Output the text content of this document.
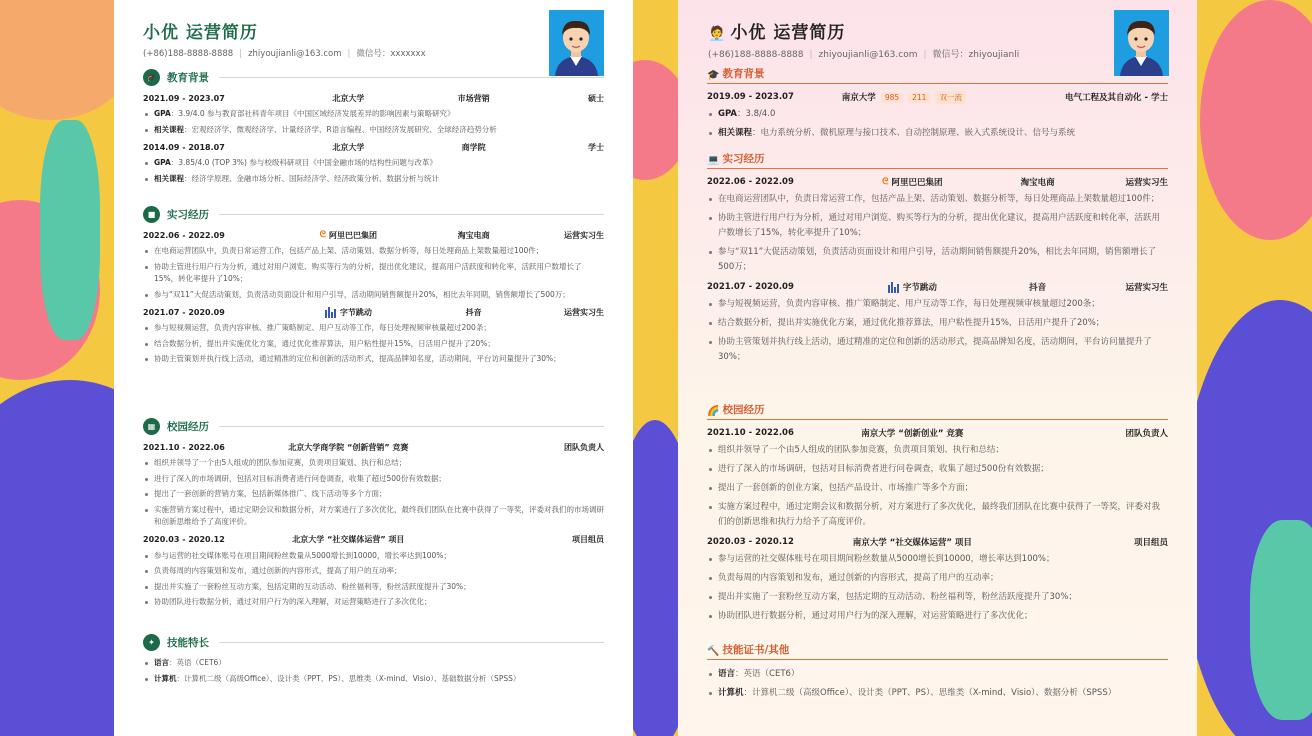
小优 运营简历
(+86)188-8888-8888 | zhiyoujianli@163.com | 微信号：xxxxxxx
🎓	教育背景
2021.09 - 2023.07	北京大学	市场营销	硕士
GPA：3.9/4.0 参与教育部社科青年项目《中国区域经济发展差异的影响因素与策略研究》
相关课程：宏观经济学、微观经济学、计量经济学、R语言编程、中国经济发展研究、全球经济趋势分析
2014.09 - 2018.07	北京大学	商学院	学士
GPA：3.85/4.0 (TOP 3%) 参与校级科研项目《中国金融市场的结构性问题与改革》
相关课程：经济学原理、金融市场分析、国际经济学、经济政策分析、数据分析与统计
■	实习经历
2022.06 - 2022.09	ᘓ 阿里巴巴集团	淘宝电商	运营实习生
在电商运营团队中，负责日常运营工作，包括产品上架、活动策划、数据分析等，每日处理商品上架数量超过100件；
协助主管进行用户行为分析，通过对用户浏览、购买等行为的分析，提出优化建议，提高用户活跃度和转化率，活跃用户数增长了15%，转化率提升了10%；
参与“双11”大促活动策划，负责活动页面设计和用户引导，活动期间销售额提升20%，相比去年同期，销售额增长了500万；
2021.07 - 2020.09	字节跳动	抖音	运营实习生
参与短视频运营，负责内容审核、推广策略制定、用户互动等工作，每日处理视频审核量超过200条；
结合数据分析，提出并实施优化方案，通过优化推荐算法，用户粘性提升15%，日活用户提升了20%；
协助主管策划并执行线上活动，通过精准的定位和创新的活动形式，提高品牌知名度，活动期间，平台访问量提升了30%；
▦	校园经历
2021.10 - 2022.06	北京大学商学院 “创新营销” 竞赛	团队负责人
组织并领导了一个由5人组成的团队参加竞赛，负责项目策划、执行和总结；
进行了深入的市场调研，包括对目标消费者进行问卷调查，收集了超过500份有效数据；
提出了一套创新的营销方案，包括新媒体推广、线下活动等多个方面；
实施营销方案过程中，通过定期会议和数据分析，对方案进行了多次优化，最终我们团队在比赛中获得了一等奖，评委对我们的市场调研和创新思维给予了高度评价。
2020.03 - 2020.12	北京大学 “社交媒体运营” 项目	项目组员
参与运营的社交媒体账号在项目期间粉丝数量从5000增长到10000，增长率达到100%；
负责每周的内容策划和发布，通过创新的内容形式，提高了用户的互动率；
提出并实施了一套粉丝互动方案，包括定期的互动活动、粉丝福利等，粉丝活跃度提升了30%；
协助团队进行数据分析，通过对用户行为的深入理解，对运营策略进行了多次优化；
✦	技能特长
语言：英语（CET6）
计算机：计算机二级（高级Office）、设计类（PPT、PS）、思维类（X-mind、Visio）、基础数据分析（SPSS）
🧑‍💼 小优 运营简历
(+86)188-8888-8888 | zhiyoujianli@163.com | 微信号：zhiyoujianli
🎓 教育背景
2019.09 - 2023.07	南京大学	985	211	双一流	电气工程及其自动化 - 学士
GPA：3.8/4.0
相关课程：电力系统分析、微机原理与接口技术、自动控制原理、嵌入式系统设计、信号与系统
💻 实习经历
2022.06 - 2022.09	ᘓ 阿里巴巴集团	淘宝电商	运营实习生
在电商运营团队中，负责日常运营工作，包括产品上架、活动策划、数据分析等，每日处理商品上架数量超过100件；
协助主管进行用户行为分析，通过对用户浏览、购买等行为的分析，提出优化建议，提高用户活跃度和转化率，活跃用户数增长了15%，转化率提升了10%；
参与“双11”大促活动策划，负责活动页面设计和用户引导，活动期间销售额提升20%，相比去年同期，销售额增长了500万；
2021.07 - 2020.09	字节跳动	抖音	运营实习生
参与短视频运营，负责内容审核、推广策略制定、用户互动等工作，每日处理视频审核量超过200条；
结合数据分析，提出并实施优化方案，通过优化推荐算法，用户粘性提升15%，日活用户提升了20%；
协助主管策划并执行线上活动，通过精准的定位和创新的活动形式，提高品牌知名度，活动期间，平台访问量提升了30%；
🌈 校园经历
2021.10 - 2022.06	南京大学 “创新创业” 竞赛	团队负责人
组织并领导了一个由5人组成的团队参加竞赛，负责项目策划、执行和总结；
进行了深入的市场调研，包括对目标消费者进行问卷调查，收集了超过500份有效数据；
提出了一套创新的创业方案，包括产品设计、市场推广等多个方面；
实施方案过程中，通过定期会议和数据分析，对方案进行了多次优化，最终我们团队在比赛中获得了一等奖，评委对我们的创新思维和执行力给予了高度评价。
2020.03 - 2020.12	南京大学 “社交媒体运营” 项目	项目组员
参与运营的社交媒体账号在项目期间粉丝数量从5000增长到10000，增长率达到100%；
负责每周的内容策划和发布，通过创新的内容形式，提高了用户的互动率；
提出并实施了一套粉丝互动方案，包括定期的互动活动、粉丝福利等，粉丝活跃度提升了30%；
协助团队进行数据分析，通过对用户行为的深入理解，对运营策略进行了多次优化；
🔨 技能证书/其他
语言：英语（CET6）
计算机：计算机二级（高级Office）、设计类（PPT、PS）、思维类（X-mind、Visio）、数据分析（SPSS）
